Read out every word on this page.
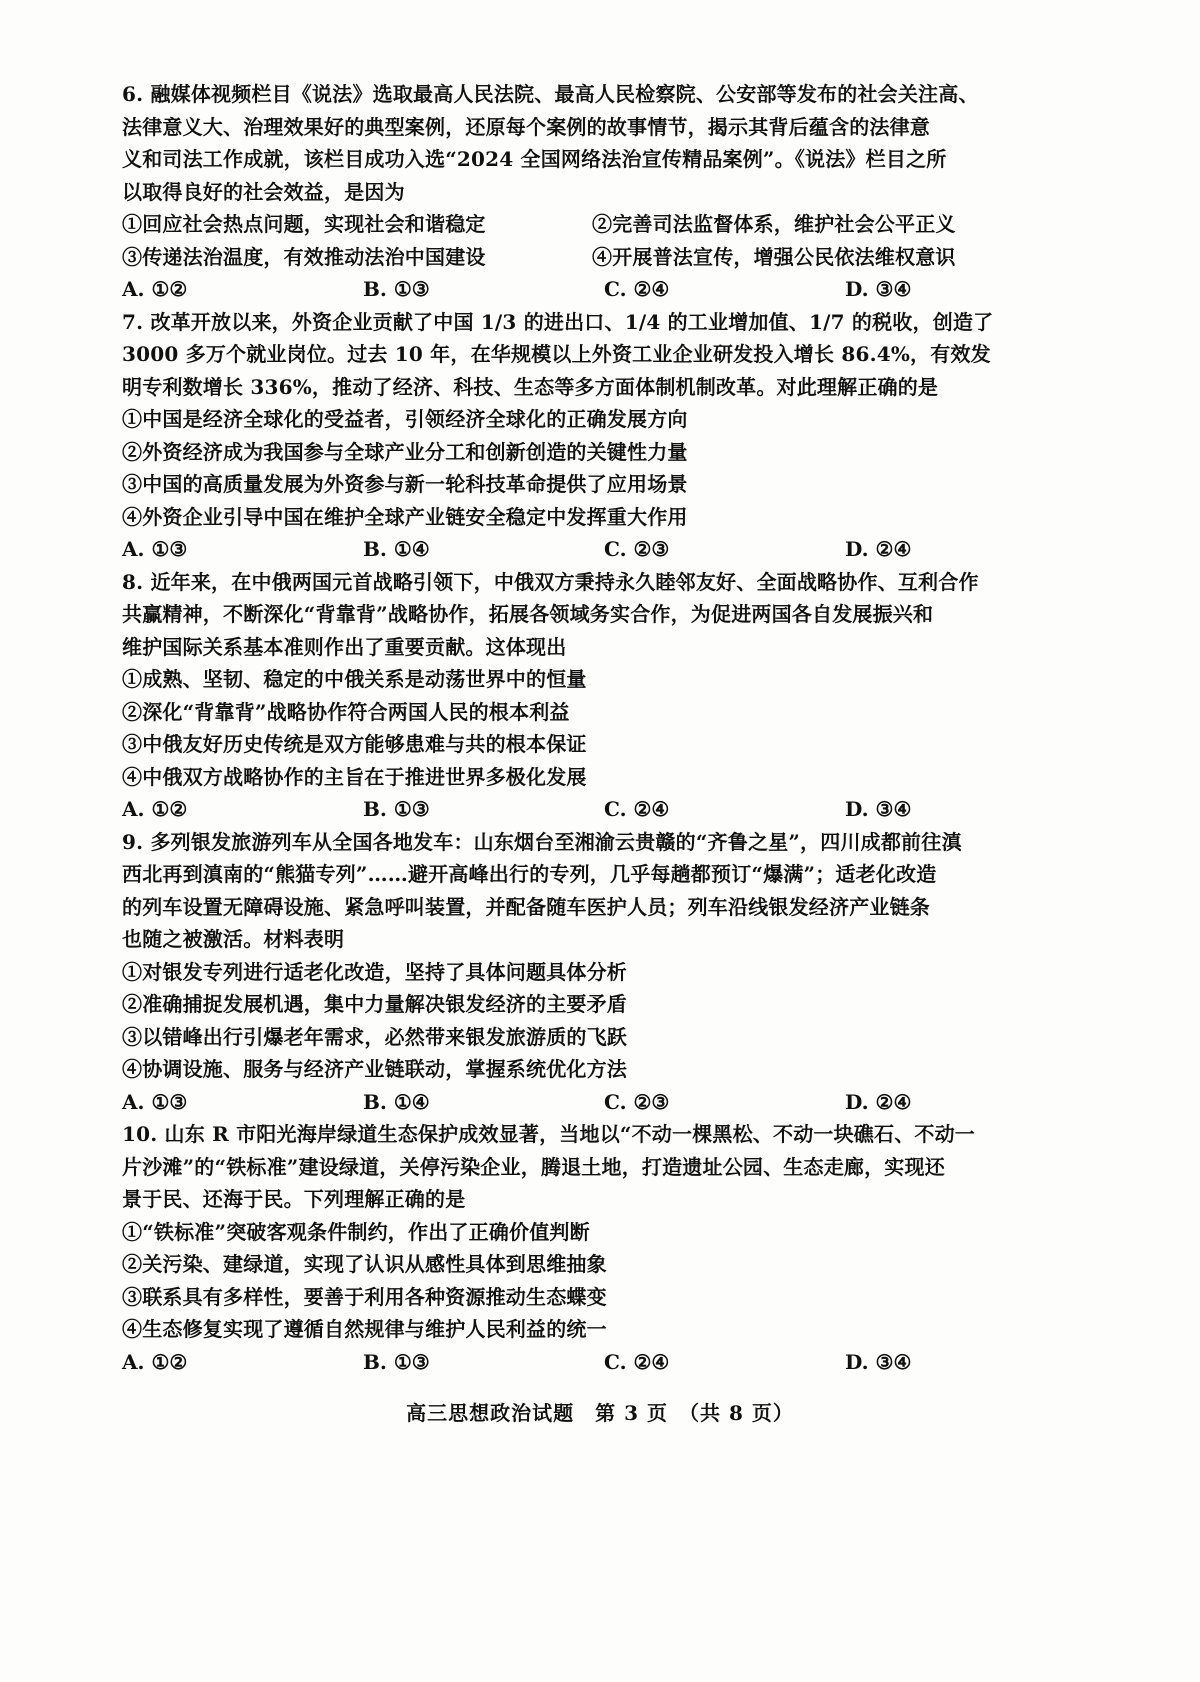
6. 融媒体视频栏目《说法》选取最高人民法院、最高人民检察院、公安部等发布的社会关注高、
法律意义大、治理效果好的典型案例，还原每个案例的故事情节，揭示其背后蕴含的法律意
义和司法工作成就，该栏目成功入选“2024 全国网络法治宣传精品案例”。《说法》栏目之所
以取得良好的社会效益，是因为
①回应社会热点问题，实现社会和谐稳定	②完善司法监督体系，维护社会公平正义
③传递法治温度，有效推动法治中国建设	④开展普法宣传，增强公民依法维权意识
A. ①②	B. ①③	C. ②④	D. ③④
7. 改革开放以来，外资企业贡献了中国 1/3 的进出口、1/4 的工业增加值、1/7 的税收，创造了
3000 多万个就业岗位。过去 10 年，在华规模以上外资工业企业研发投入增长 86.4%，有效发
明专利数增长 336%，推动了经济、科技、生态等多方面体制机制改革。对此理解正确的是
①中国是经济全球化的受益者，引领经济全球化的正确发展方向
②外资经济成为我国参与全球产业分工和创新创造的关键性力量
③中国的高质量发展为外资参与新一轮科技革命提供了应用场景
④外资企业引导中国在维护全球产业链安全稳定中发挥重大作用
A. ①③	B. ①④	C. ②③	D. ②④
8. 近年来，在中俄两国元首战略引领下，中俄双方秉持永久睦邻友好、全面战略协作、互利合作
共赢精神，不断深化“背靠背”战略协作，拓展各领域务实合作，为促进两国各自发展振兴和
维护国际关系基本准则作出了重要贡献。这体现出
①成熟、坚韧、稳定的中俄关系是动荡世界中的恒量
②深化“背靠背”战略协作符合两国人民的根本利益
③中俄友好历史传统是双方能够患难与共的根本保证
④中俄双方战略协作的主旨在于推进世界多极化发展
A. ①②	B. ①③	C. ②④	D. ③④
9. 多列银发旅游列车从全国各地发车：山东烟台至湘渝云贵赣的“齐鲁之星”，四川成都前往滇
西北再到滇南的“熊猫专列”……避开高峰出行的专列，几乎每趟都预订“爆满”；适老化改造
的列车设置无障碍设施、紧急呼叫装置，并配备随车医护人员；列车沿线银发经济产业链条
也随之被激活。材料表明
①对银发专列进行适老化改造，坚持了具体问题具体分析
②准确捕捉发展机遇，集中力量解决银发经济的主要矛盾
③以错峰出行引爆老年需求，必然带来银发旅游质的飞跃
④协调设施、服务与经济产业链联动，掌握系统优化方法
A. ①③	B. ①④	C. ②③	D. ②④
10. 山东 R 市阳光海岸绿道生态保护成效显著，当地以“不动一棵黑松、不动一块礁石、不动一
片沙滩”的“铁标准”建设绿道，关停污染企业，腾退土地，打造遗址公园、生态走廊，实现还
景于民、还海于民。下列理解正确的是
①“铁标准”突破客观条件制约，作出了正确价值判断
②关污染、建绿道，实现了认识从感性具体到思维抽象
③联系具有多样性，要善于利用各种资源推动生态蝶变
④生态修复实现了遵循自然规律与维护人民利益的统一
A. ①②	B. ①③	C. ②④	D. ③④
高三思想政治试题　第 3 页　（共 8 页）
